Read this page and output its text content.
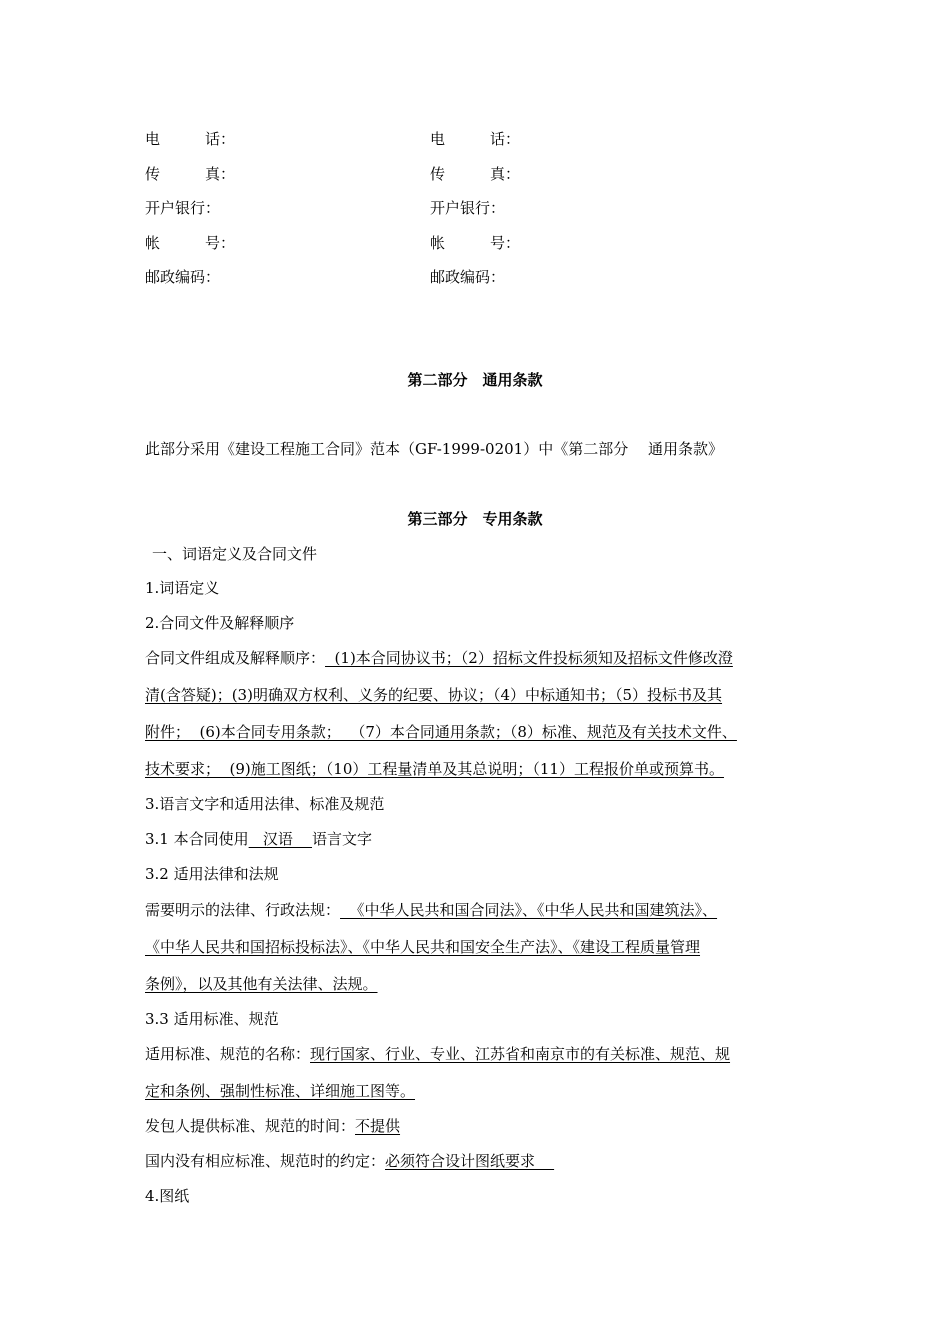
电　　　话：	电　　　话：
传　　　真：	传　　　真：
开户银行：	开户银行：
帐　　　号：	帐　　　号：
邮政编码：	邮政编码：
第二部分　通用条款
此部分采用《建设工程施工合同》范本（GF-1999-0201）中《第二部分　 通用条款》
第三部分　专用条款
一、词语定义及合同文件
1.词语定义
2.合同文件及解释顺序
合同文件组成及解释顺序：  (1)本合同协议书；（2）招标文件投标须知及招标文件修改澄
清(含答疑)；(3)明确双方权利、义务的纪要、协议；（4）中标通知书；（5）投标书及其
附件；  (6)本合同专用条款；  （7）本合同通用条款；（8）标准、规范及有关技术文件、
技术要求；  (9)施工图纸；（10）工程量清单及其总说明；（11）工程报价单或预算书。
3.语言文字和适用法律、标准及规范
3.1 本合同使用   汉语    语言文字
3.2 适用法律和法规
需要明示的法律、行政法规：  《中华人民共和国合同法》、《中华人民共和国建筑法》、
《中华人民共和国招标投标法》、《中华人民共和国安全生产法》、《建设工程质量管理
条例》，以及其他有关法律、法规。
3.3 适用标准、规范
适用标准、规范的名称：现行国家、行业、专业、江苏省和南京市的有关标准、规范、规
定和条例、强制性标准、详细施工图等。
发包人提供标准、规范的时间：不提供
国内没有相应标准、规范时的约定：必须符合设计图纸要求
4.图纸
